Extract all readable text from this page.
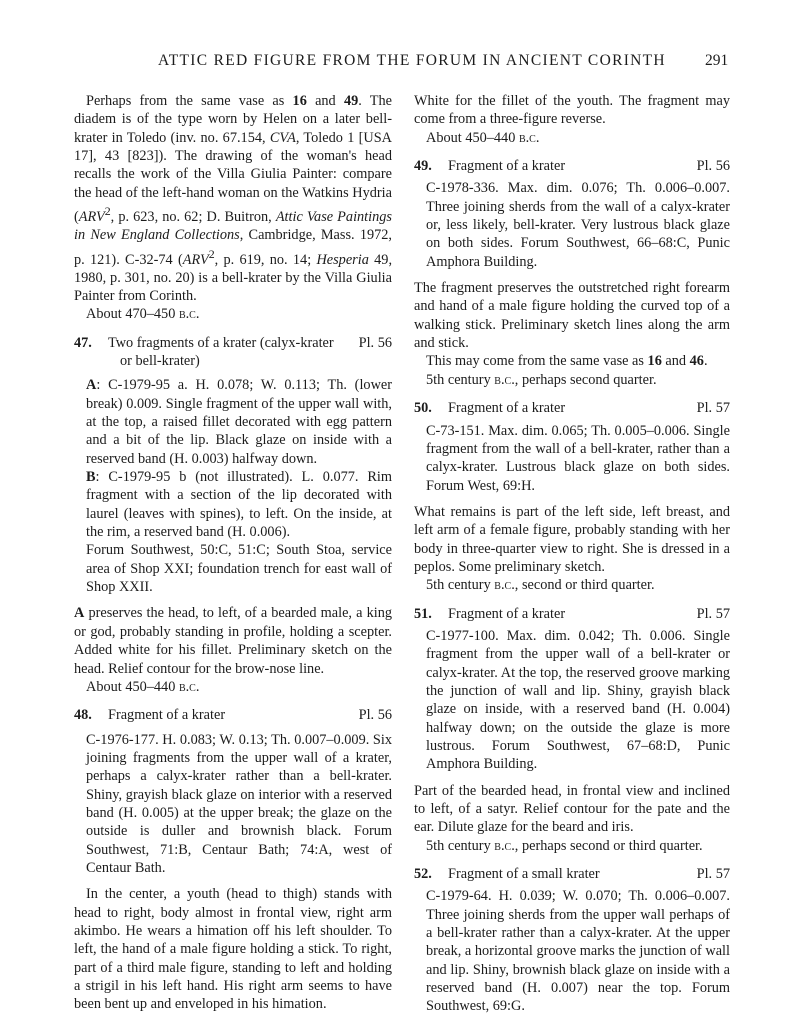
ATTIC RED FIGURE FROM THE FORUM IN ANCIENT CORINTH	291

Perhaps from the same vase as 16 and 49. The diadem is of the type worn by Helen on a later bell-krater in Toledo (inv. no. 67.154, CVA, Toledo 1 [USA 17], 43 [823]). The drawing of the woman's head recalls the work of the Villa Giulia Painter: compare the head of the left-hand woman on the Watkins Hydria (ARV$^2$, p. 623, no. 62; D. Buitron, Attic Vase Paintings in New England Collections, Cambridge, Mass. 1972, p. 121). C-32-74 (ARV$^2$, p. 619, no. 14; Hesperia 49, 1980, p. 301, no. 20) is a bell-krater by the Villa Giulia Painter from Corinth.

About 470–450 b.c.

47.	Two fragments of a krater (calyx-krater or bell-krater)
Pl. 56

A: C-1979-95 a. H. 0.078; W. 0.113; Th. (lower break) 0.009. Single fragment of the upper wall with, at the top, a raised fillet decorated with egg pattern and a bit of the lip. Black glaze on inside with a reserved band (H. 0.003) halfway down.

B: C-1979-95 b (not illustrated). L. 0.077. Rim fragment with a section of the lip decorated with laurel (leaves with spines), to left. On the inside, at the rim, a reserved band (H. 0.006).

Forum Southwest, 50:C, 51:C; South Stoa, service area of Shop XXI; foundation trench for east wall of Shop XXII.

A preserves the head, to left, of a bearded male, a king or god, probably standing in profile, holding a scepter. Added white for his fillet. Preliminary sketch on the head. Relief contour for the brow-nose line.

About 450–440 b.c.

48.	Fragment of a krater	Pl. 56

C-1976-177. H. 0.083; W. 0.13; Th. 0.007–0.009. Six joining fragments from the upper wall of a krater, perhaps a calyx-krater rather than a bell-krater. Shiny, grayish black glaze on interior with a reserved band (H. 0.005) at the upper break; the glaze on the outside is duller and brownish black. Forum Southwest, 71:B, Centaur Bath; 74:A, west of Centaur Bath.

In the center, a youth (head to thigh) stands with head to right, body almost in frontal view, right arm akimbo. He wears a himation off his left shoulder. To left, the hand of a male figure holding a stick. To right, part of a third male figure, standing to left and holding a strigil in his left hand. His right arm seems to have been bent up and enveloped in his himation.

White for the fillet of the youth. The fragment may come from a three-figure reverse.

About 450–440 b.c.

49.	Fragment of a krater	Pl. 56

C-1978-336. Max. dim. 0.076; Th. 0.006–0.007. Three joining sherds from the wall of a calyx-krater or, less likely, bell-krater. Very lustrous black glaze on both sides. Forum Southwest, 66–68:C, Punic Amphora Building.

The fragment preserves the outstretched right forearm and hand of a male figure holding the curved top of a walking stick. Preliminary sketch lines along the arm and stick.

This may come from the same vase as 16 and 46.

5th century b.c., perhaps second quarter.

50.	Fragment of a krater	Pl. 57

C-73-151. Max. dim. 0.065; Th. 0.005–0.006. Single fragment from the wall of a bell-krater, rather than a calyx-krater. Lustrous black glaze on both sides. Forum West, 69:H.

What remains is part of the left side, left breast, and left arm of a female figure, probably standing with her body in three-quarter view to right. She is dressed in a peplos. Some preliminary sketch.

5th century b.c., second or third quarter.

51.	Fragment of a krater	Pl. 57

C-1977-100. Max. dim. 0.042; Th. 0.006. Single fragment from the upper wall of a bell-krater or calyx-krater. At the top, the reserved groove marking the junction of wall and lip. Shiny, grayish black glaze on inside, with a reserved band (H. 0.004) halfway down; on the outside the glaze is more lustrous. Forum Southwest, 67–68:D, Punic Amphora Building.

Part of the bearded head, in frontal view and inclined to left, of a satyr. Relief contour for the pate and the ear. Dilute glaze for the beard and iris.

5th century b.c., perhaps second or third quarter.

52.	Fragment of a small krater	Pl. 57

C-1979-64. H. 0.039; W. 0.070; Th. 0.006–0.007. Three joining sherds from the upper wall perhaps of a bell-krater rather than a calyx-krater. At the upper break, a horizontal groove marks the junction of wall and lip. Shiny, brownish black glaze on inside with a reserved band (H. 0.007) near the top. Forum Southwest, 69:G.
